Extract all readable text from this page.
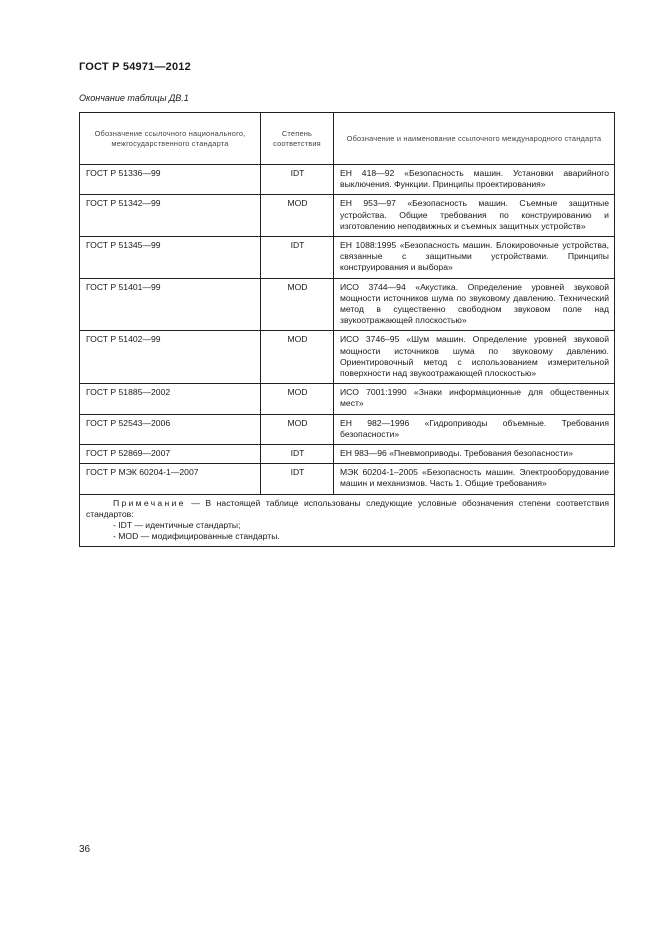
ГОСТ Р 54971—2012
Окончание таблицы ДВ.1
Обозначение ссылочного национального, межгосударственного стандарта	Степень соответствия	Обозначение и наименование ссылочного международного стандарта
ГОСТ Р 51336—99	IDT	ЕН 418—92 «Безопасность машин. Установки аварийного выключения. Функции. Принципы проектирования»
ГОСТ Р 51342—99	MOD	ЕН 953—97 «Безопасность машин. Съемные защитные устройства. Общие требования по конструированию и изготовлению неподвижных и съемных защитных устройств»
ГОСТ Р 51345—99	IDT	ЕН 1088:1995 «Безопасность машин. Блокировочные устройства, связанные с защитными устройствами. Принципы конструирования и выбора»
ГОСТ Р 51401—99	MOD	ИСО 3744—94 «Акустика. Определение уровней звуковой мощности источников шума по звуковому давлению. Технический метод в существенно свободном звуковом поле над звукоотражающей плоскостью»
ГОСТ Р 51402—99	MOD	ИСО 3746–95 «Шум машин. Определение уровней звуковой мощности источников шума по звуковому давлению. Ориентировочный метод с использованием измерительной поверхности над звукоотражающей плоскостью»
ГОСТ Р 51885—2002	MOD	ИСО 7001:1990 «Знаки информационные для общественных мест»
ГОСТ Р 52543—2006	MOD	ЕН 982—1996 «Гидроприводы объемные. Требования безопасности»
ГОСТ Р 52869—2007	IDT	ЕН 983—96 «Пневмоприводы. Требования безопасности»
ГОСТ Р МЭК 60204-1—2007	IDT	МЭК 60204-1–2005 «Безопасность машин. Электрооборудование машин и механизмов. Часть 1. Общие требования»

Примечание — В настоящей таблице использованы следующие условные обозначения степени соответствия стандартов:
- IDT — идентичные стандарты;
- MOD — модифицированные стандарты.		
36
